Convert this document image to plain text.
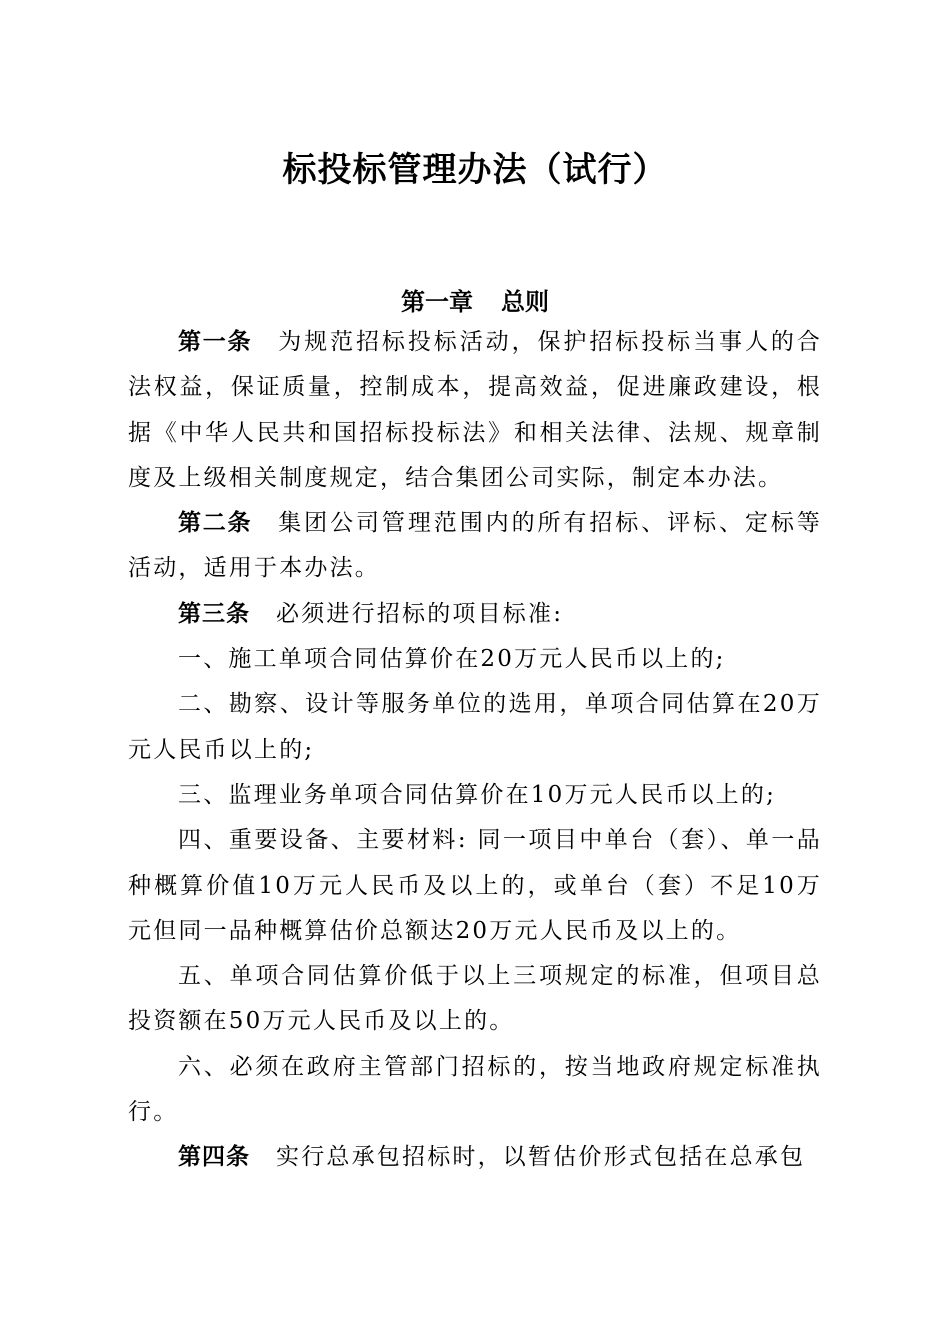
标投标管理办法（试行）
第一章 总则

第一条 为规范招标投标活动，保护招标投标当事人的合法权益，保证质量，控制成本，提高效益，促进廉政建设，根据《中华人民共和国招标投标法》和相关法律、法规、规章制度及上级相关制度规定，结合集团公司实际，制定本办法。

第二条 集团公司管理范围内的所有招标、评标、定标等活动，适用于本办法。

第三条 必须进行招标的项目标准:

一、施工单项合同估算价在20万元人民币以上的;

二、勘察、设计等服务单位的选用，单项合同估算在20万元人民币以上的;

三、监理业务单项合同估算价在10万元人民币以上的;

四、重要设备、主要材料: 同一项目中单台（套）、单一品种概算价值10万元人民币及以上的，或单台（套）不足10万元但同一品种概算估价总额达20万元人民币及以上的。

五、单项合同估算价低于以上三项规定的标准，但项目总投资额在50万元人民币及以上的。

六、必须在政府主管部门招标的，按当地政府规定标准执行。

第四条 实行总承包招标时，以暂估价形式包括在总承包
